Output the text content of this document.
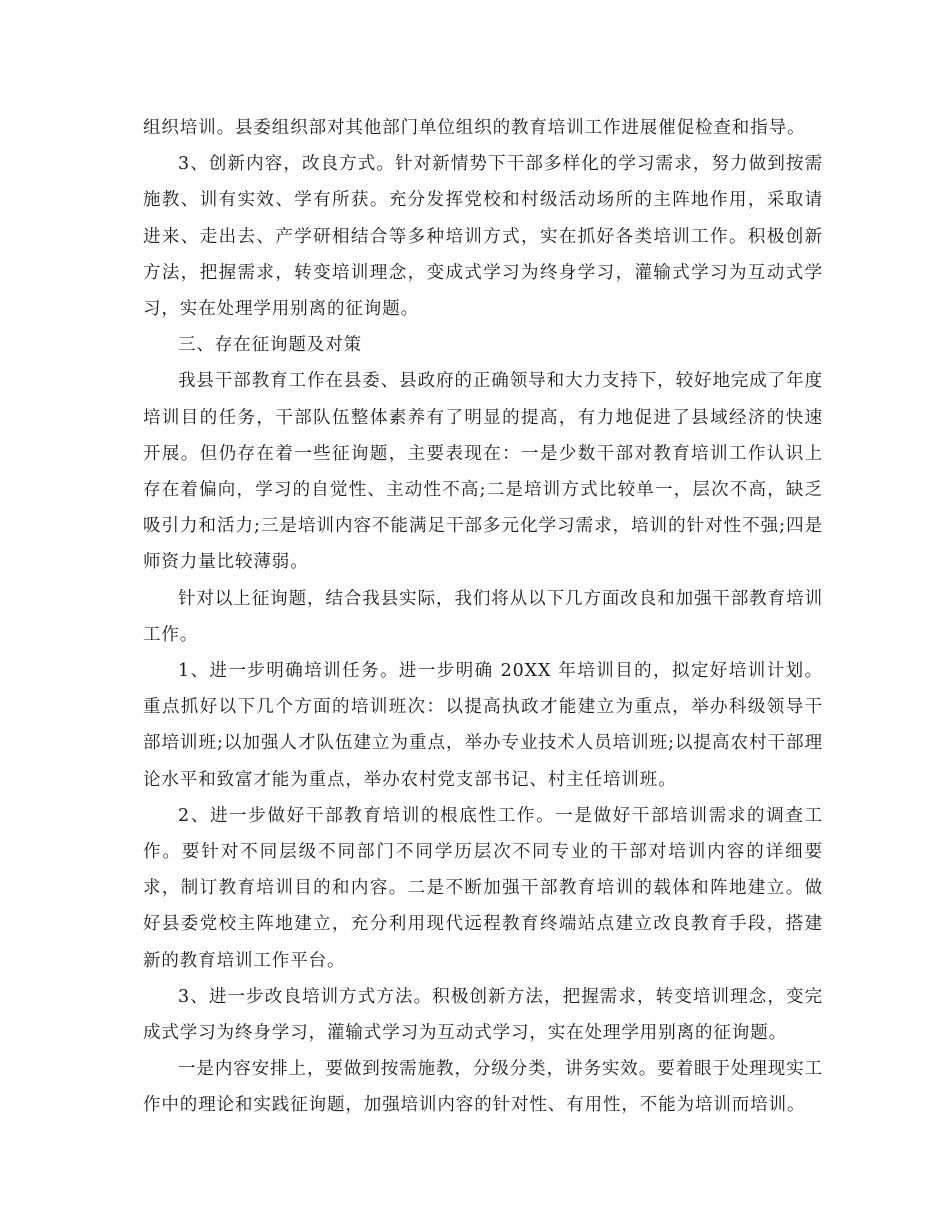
组织培训。县委组织部对其他部门单位组织的教育培训工作进展催促检查和指导。

3、创新内容，改良方式。针对新情势下干部多样化的学习需求，努力做到按需施教、训有实效、学有所获。充分发挥党校和村级活动场所的主阵地作用，采取请进来、走出去、产学研相结合等多种培训方式，实在抓好各类培训工作。积极创新方法，把握需求，转变培训理念，变成式学习为终身学习，灌输式学习为互动式学习，实在处理学用别离的征询题。

三、存在征询题及对策

我县干部教育工作在县委、县政府的正确领导和大力支持下，较好地完成了年度培训目的任务，干部队伍整体素养有了明显的提高，有力地促进了县域经济的快速开展。但仍存在着一些征询题，主要表现在：一是少数干部对教育培训工作认识上存在着偏向，学习的自觉性、主动性不高;二是培训方式比较单一，层次不高，缺乏吸引力和活力;三是培训内容不能满足干部多元化学习需求，培训的针对性不强;四是师资力量比较薄弱。

针对以上征询题，结合我县实际，我们将从以下几方面改良和加强干部教育培训工作。

1、进一步明确培训任务。进一步明确 20XX 年培训目的，拟定好培训计划。重点抓好以下几个方面的培训班次：以提高执政才能建立为重点，举办科级领导干部培训班;以加强人才队伍建立为重点，举办专业技术人员培训班;以提高农村干部理论水平和致富才能为重点，举办农村党支部书记、村主任培训班。

2、进一步做好干部教育培训的根底性工作。一是做好干部培训需求的调查工作。要针对不同层级不同部门不同学历层次不同专业的干部对培训内容的详细要求，制订教育培训目的和内容。二是不断加强干部教育培训的载体和阵地建立。做好县委党校主阵地建立，充分利用现代远程教育终端站点建立改良教育手段，搭建新的教育培训工作平台。

3、进一步改良培训方式方法。积极创新方法，把握需求，转变培训理念，变完成式学习为终身学习，灌输式学习为互动式学习，实在处理学用别离的征询题。

一是内容安排上，要做到按需施教，分级分类，讲务实效。要着眼于处理现实工作中的理论和实践征询题，加强培训内容的针对性、有用性，不能为培训而培训。
